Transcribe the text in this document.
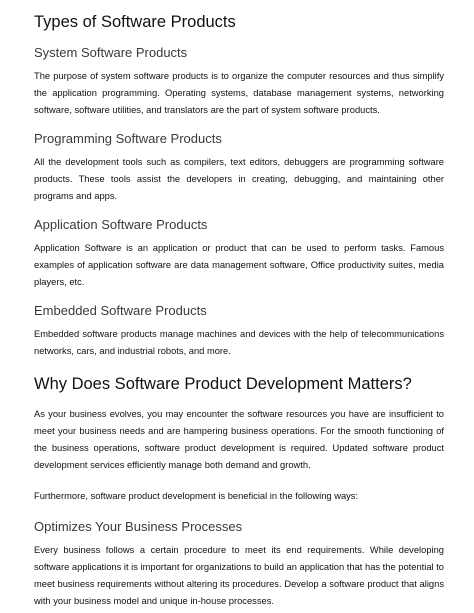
Types of Software Products
System Software Products

The purpose of system software products is to organize the computer resources and thus simplify the application programming. Operating systems, database management systems, networking software, software utilities, and translators are the part of system software products.

Programming Software Products

All the development tools such as compilers, text editors, debuggers are programming software products. These tools assist the developers in creating, debugging, and maintaining other programs and apps.

Application Software Products

Application Software is an application or product that can be used to perform tasks. Famous examples of application software are data management software, Office productivity suites, media players, etc.

Embedded Software Products

Embedded software products manage machines and devices with the help of telecommunications networks, cars, and industrial robots, and more.

Why Does Software Product Development Matters?

As your business evolves, you may encounter the software resources you have are insufficient to meet your business needs and are hampering business operations. For the smooth functioning of the business operations, software product development is required. Updated software product development services efficiently manage both demand and growth.

Furthermore, software product development is beneficial in the following ways:

Optimizes Your Business Processes

Every business follows a certain procedure to meet its end requirements. While developing software applications it is important for organizations to build an application that has the potential to meet business requirements without altering its procedures. Develop a software product that aligns with your business model and unique in-house processes.
